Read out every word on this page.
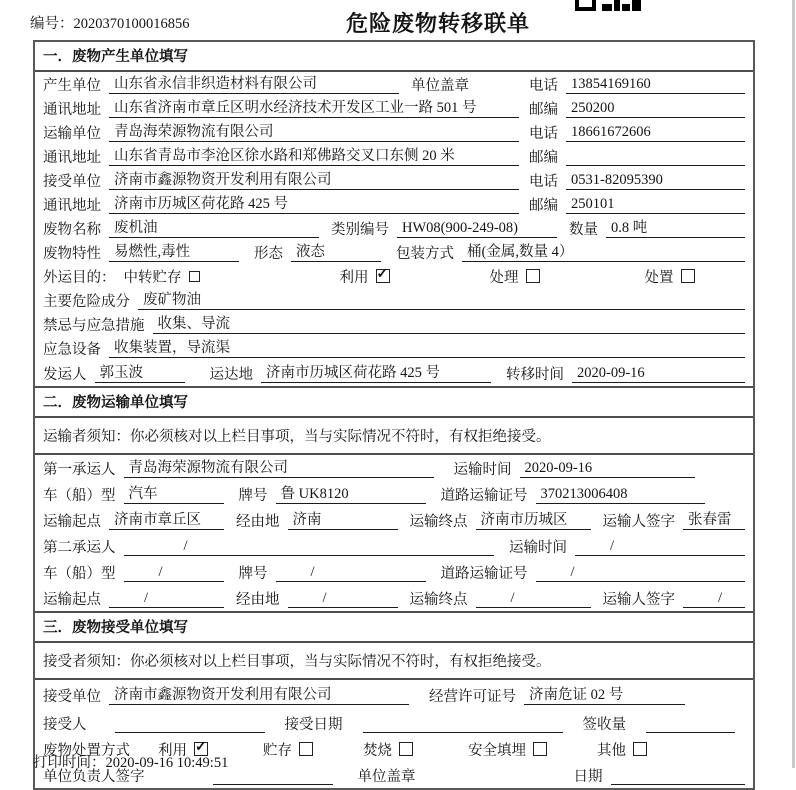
编号：2020370100016856	危险废物转移联单
一．废物产生单位填写
产生单位 山东省永信非织造材料有限公司	单位盖章	电话 13854169160
通讯地址 山东省济南市章丘区明水经济技术开发区工业一路 501 号	邮编 250200
运输单位 青岛海荣源物流有限公司	电话 18661672606
通讯地址 山东省青岛市李沧区徐水路和郑佛路交叉口东侧 20 米	邮编
接受单位 济南市鑫源物资开发利用有限公司	电话 0531-82095390
通讯地址 济南市历城区荷花路 425 号	邮编 250101
废物名称 废机油	类别编号 HW08(900-249-08)	数量 0.8 吨
废物特性 易燃性,毒性	形态 液态	包装方式 桶(金属,数量 4）
外运目的： 中转贮存	利用 ✓	处理	处置
主要危险成分 废矿物油
禁忌与应急措施 收集、导流
应急设备 收集装置，导流渠
发运人 郭玉波	运达地 济南市历城区荷花路 425 号	转移时间 2020-09-16
二．废物运输单位填写
运输者须知：你必须核对以上栏目事项，当与实际情况不符时，有权拒绝接受。
第一承运人 青岛海荣源物流有限公司	运输时间 2020-09-16
车（船）型 汽车	牌号 鲁 UK8120	道路运输证号 370213006408
运输起点 济南市章丘区	经由地 济南	运输终点 济南市历城区	运输人签字 张春雷
第二承运人	/	运输时间	/
车（船）型	/	牌号	/	道路运输证号	/
运输起点	/	经由地	/	运输终点	/	运输人签字	/
三．废物接受单位填写
接受者须知：你必须核对以上栏目事项，当与实际情况不符时，有权拒绝接受。
接受单位 济南市鑫源物资开发利用有限公司	经营许可证号 济南危证 02 号
接受人	接受日期	签收量
废物处置方式 利用 ✓	贮存	焚烧	安全填埋	其他
单位负责人签字	单位盖章	日期
打印时间：2020-09-16 10:49:51
